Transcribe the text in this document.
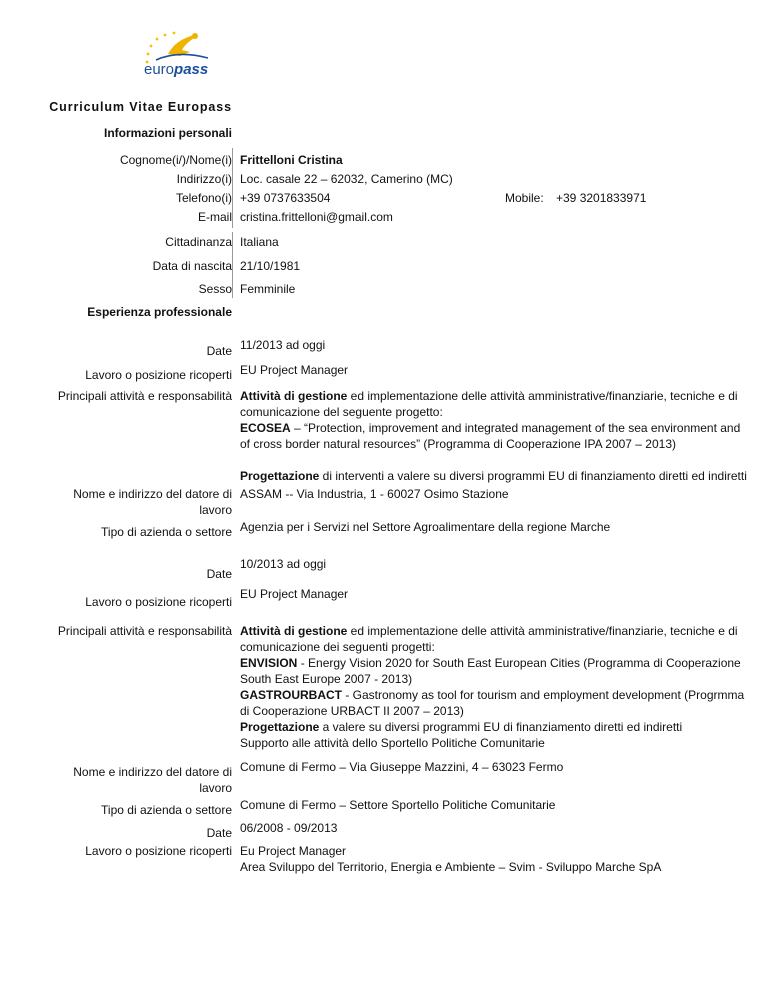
europass
Curriculum Vitae Europass
Informazioni personali
Cognome(i/)/Nome(i) Frittelloni Cristina
Indirizzo(i) Loc. casale 22 – 62032, Camerino (MC)
Telefono(i) +39 0737633504	Mobile: +39 3201833971
E-mail cristina.frittelloni@gmail.com
Cittadinanza Italiana
Data di nascita 21/10/1981
Sesso Femminile
Esperienza professionale
Date 11/2013 ad oggi
Lavoro o posizione ricoperti EU Project Manager
Principali attività e responsabilità Attività di gestione ed implementazione delle attività amministrative/finanziarie, tecniche e di comunicazione del seguente progetto:

ECOSEA – “Protection, improvement and integrated management of the sea environment and of cross border natural resources” (Programma di Cooperazione IPA 2007 – 2013)

Progettazione di interventi a valere su diversi programmi EU di finanziamento diretti ed indiretti

Nome e indirizzo del datore di
lavoro
ASSAM -- Via Industria, 1 - 60027 Osimo Stazione
Tipo di azienda o settore Agenzia per i Servizi nel Settore Agroalimentare della regione Marche
Date
10/2013 ad oggi
Lavoro o posizione ricoperti
EU Project Manager
Principali attività e responsabilità Attività di gestione ed implementazione delle attività amministrative/finanziarie, tecniche e di comunicazione dei seguenti progetti:

ENVISION - Energy Vision 2020 for South East European Cities (Programma di Cooperazione South East Europe 2007 - 2013)

GASTROURBACT - Gastronomy as tool for tourism and employment development (Progrmma di Cooperazione URBACT II 2007 – 2013)

Progettazione a valere su diversi programmi EU di finanziamento diretti ed indiretti

Supporto alle attività dello Sportello Politiche Comunitarie

Nome e indirizzo del datore di
lavoro
Comune di Fermo – Via Giuseppe Mazzini, 4 – 63023 Fermo
Tipo di azienda o settore Comune di Fermo – Settore Sportello Politiche Comunitarie
Date 06/2008 - 09/2013
Lavoro o posizione ricoperti Eu Project Manager
Area Sviluppo del Territorio, Energia e Ambiente – Svim - Sviluppo Marche SpA
